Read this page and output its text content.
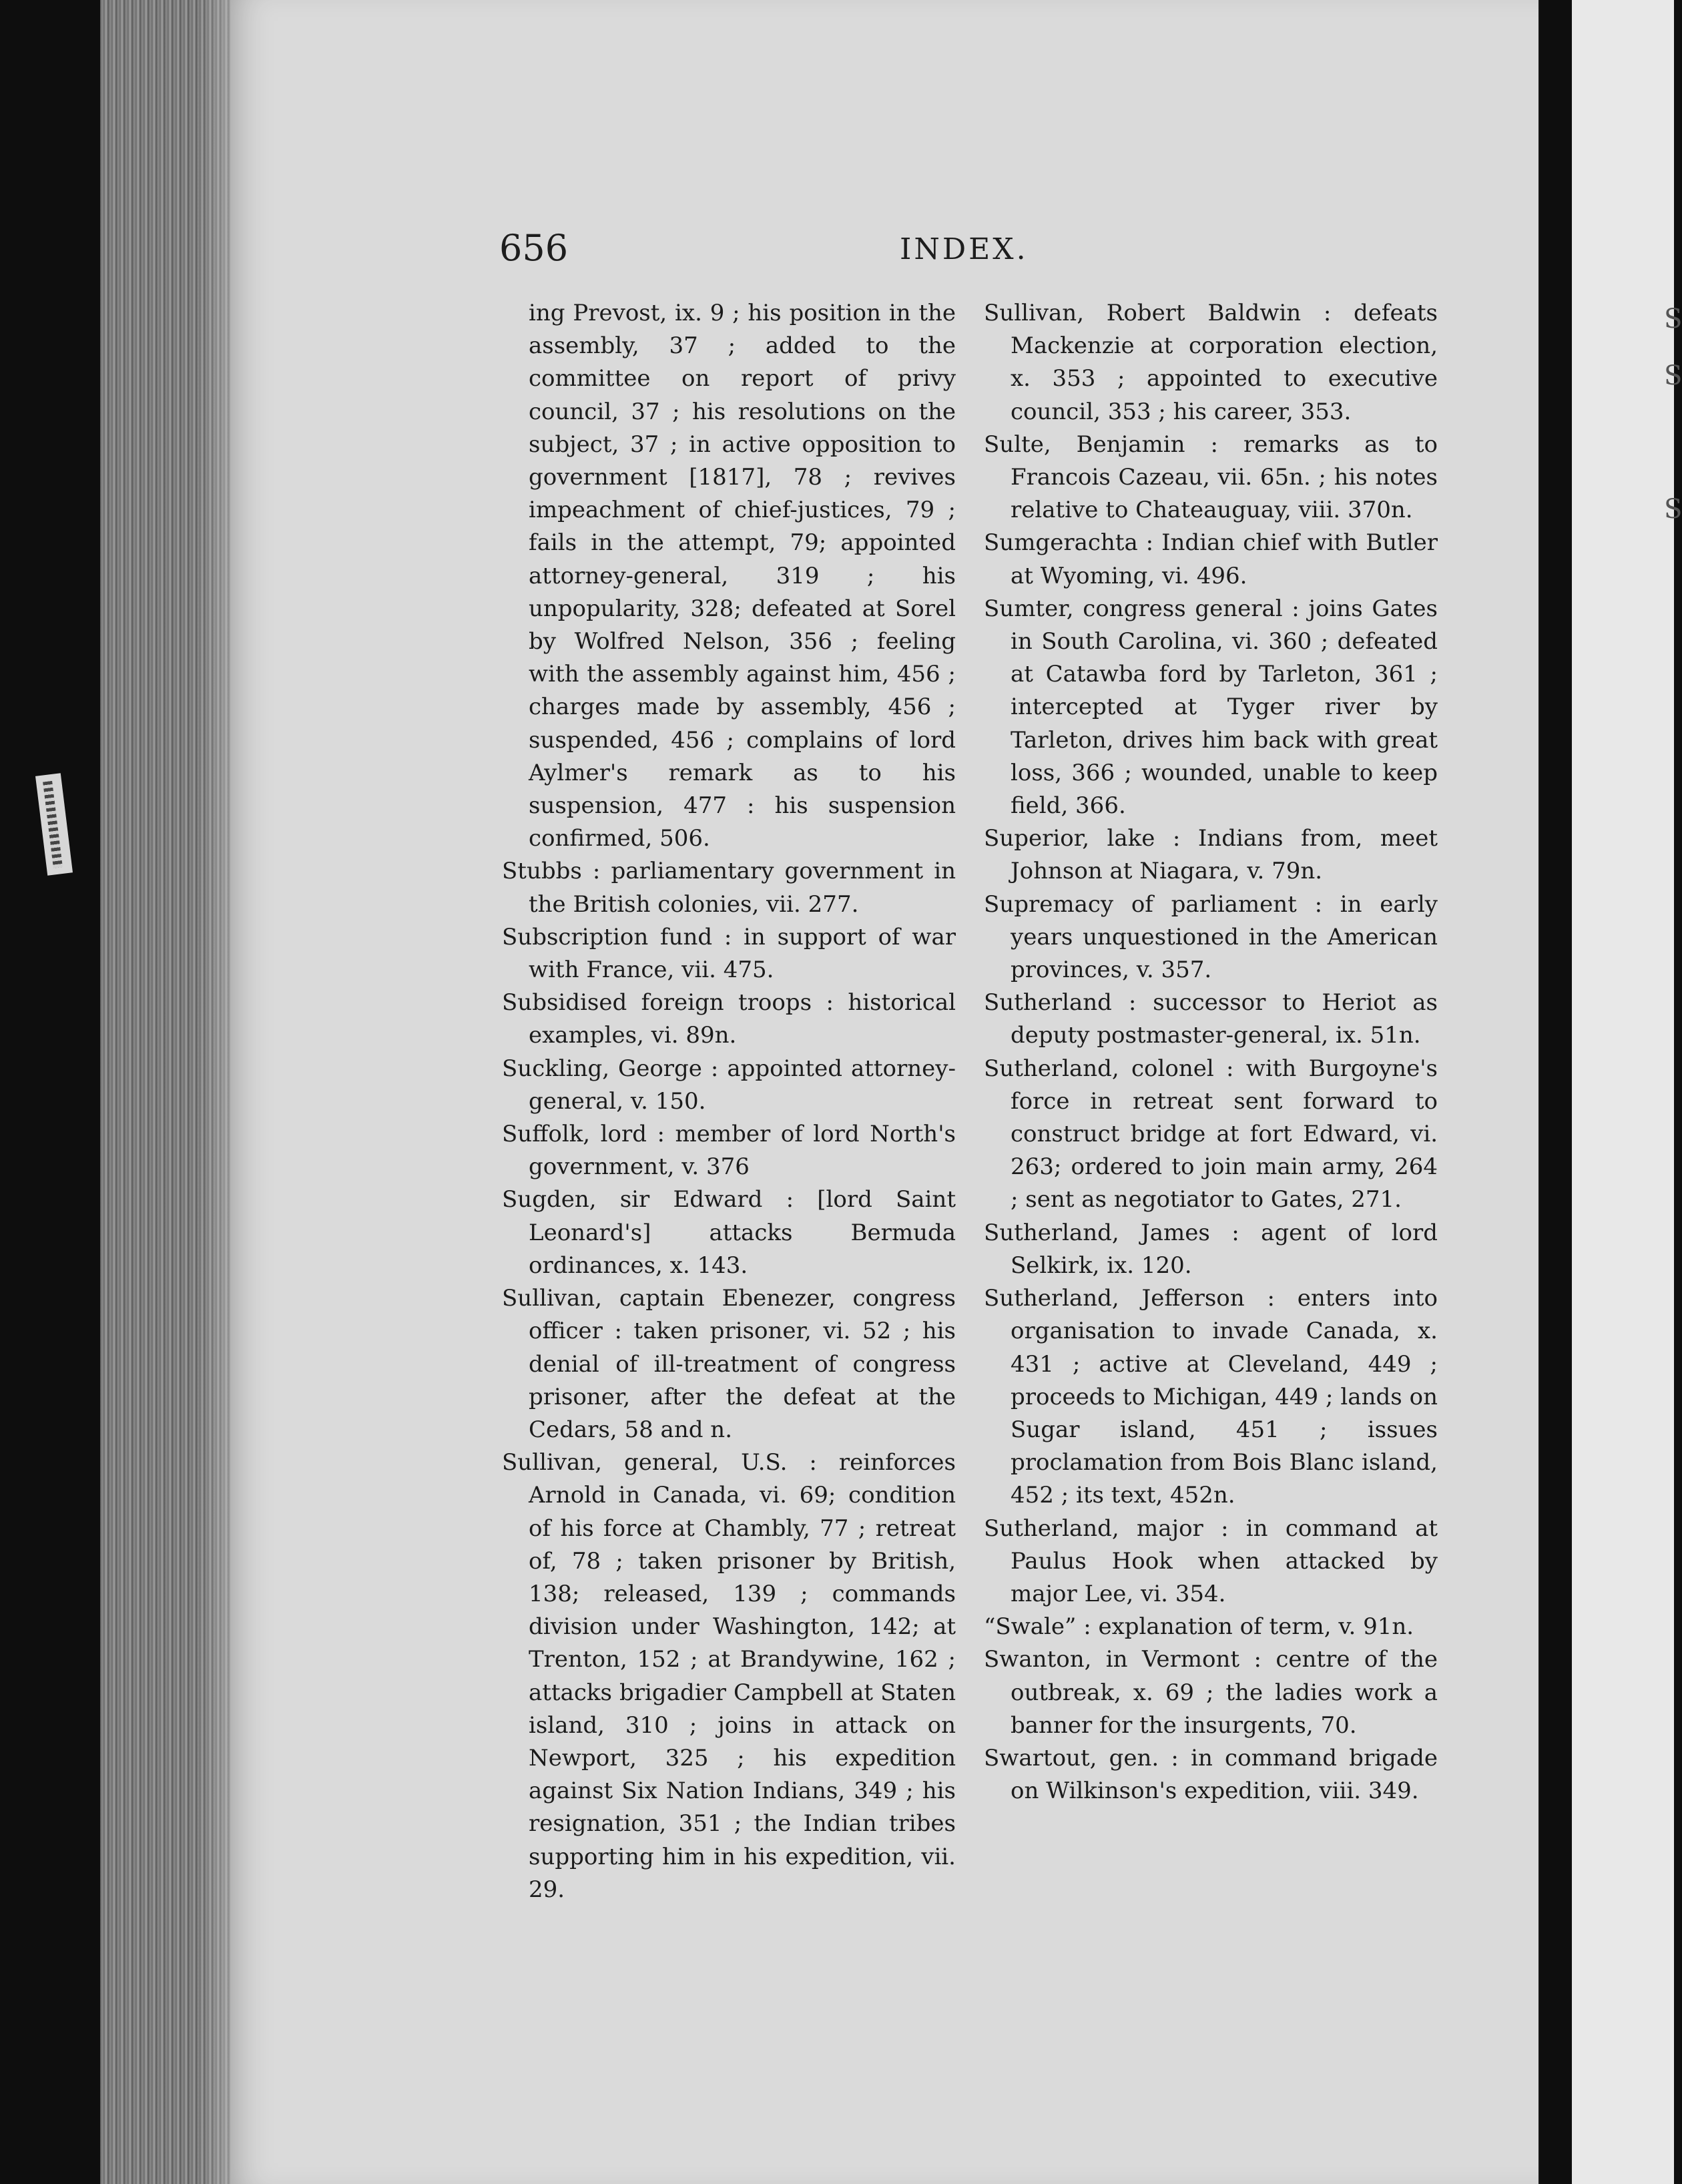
S
S
S
656	INDEX.

ing Prevost, ix. 9 ; his position in the assembly, 37 ; added to the committee on report of privy council, 37 ; his resolutions on the subject, 37 ; in active opposition to government [1817], 78 ; revives impeachment of chief-justices, 79 ; fails in the attempt, 79; appointed attorney-general, 319 ; his unpopularity, 328; defeated at Sorel by Wolfred Nelson, 356 ; feeling with the assembly against him, 456 ; charges made by assembly, 456 ; suspended, 456 ; complains of lord Aylmer's remark as to his suspension, 477 : his suspension confirmed, 506.

Stubbs : parliamentary government in the British colonies, vii. 277.

Subscription fund : in support of war with France, vii. 475.

Subsidised foreign troops : historical examples, vi. 89n.

Suckling, George : appointed attorney-general, v. 150.

Suffolk, lord : member of lord North's government, v. 376

Sugden, sir Edward : [lord Saint Leonard's] attacks Bermuda ordinances, x. 143.

Sullivan, captain Ebenezer, congress officer : taken prisoner, vi. 52 ; his denial of ill-treatment of congress prisoner, after the defeat at the Cedars, 58 and n.

Sullivan, general, U.S. : reinforces Arnold in Canada, vi. 69; condition of his force at Chambly, 77 ; retreat of, 78 ; taken prisoner by British, 138; released, 139 ; commands division under Washington, 142; at Trenton, 152 ; at Brandywine, 162 ; attacks brigadier Campbell at Staten island, 310 ; joins in attack on Newport, 325 ; his expedition against Six Nation Indians, 349 ; his resignation, 351 ; the Indian tribes supporting him in his expedition, vii. 29.

Sullivan, Robert Baldwin : defeats Mackenzie at corporation election, x. 353 ; appointed to executive council, 353 ; his career, 353.

Sulte, Benjamin : remarks as to Francois Cazeau, vii. 65n. ; his notes relative to Chateauguay, viii. 370n.

Sumgerachta : Indian chief with Butler at Wyoming, vi. 496.

Sumter, congress general : joins Gates in South Carolina, vi. 360 ; defeated at Catawba ford by Tarleton, 361 ; intercepted at Tyger river by Tarleton, drives him back with great loss, 366 ; wounded, unable to keep field, 366.

Superior, lake : Indians from, meet Johnson at Niagara, v. 79n.

Supremacy of parliament : in early years unquestioned in the American provinces, v. 357.

Sutherland : successor to Heriot as deputy postmaster-general, ix. 51n.

Sutherland, colonel : with Burgoyne's force in retreat sent forward to construct bridge at fort Edward, vi. 263; ordered to join main army, 264 ; sent as negotiator to Gates, 271.

Sutherland, James : agent of lord Selkirk, ix. 120.

Sutherland, Jefferson : enters into organisation to invade Canada, x. 431 ; active at Cleveland, 449 ; proceeds to Michigan, 449 ; lands on Sugar island, 451 ; issues proclamation from Bois Blanc island, 452 ; its text, 452n.

Sutherland, major : in command at Paulus Hook when attacked by major Lee, vi. 354.

“Swale” : explanation of term, v. 91n.

Swanton, in Vermont : centre of the outbreak, x. 69 ; the ladies work a banner for the insurgents, 70.

Swartout, gen. : in command brigade on Wilkinson's expedition, viii. 349.
